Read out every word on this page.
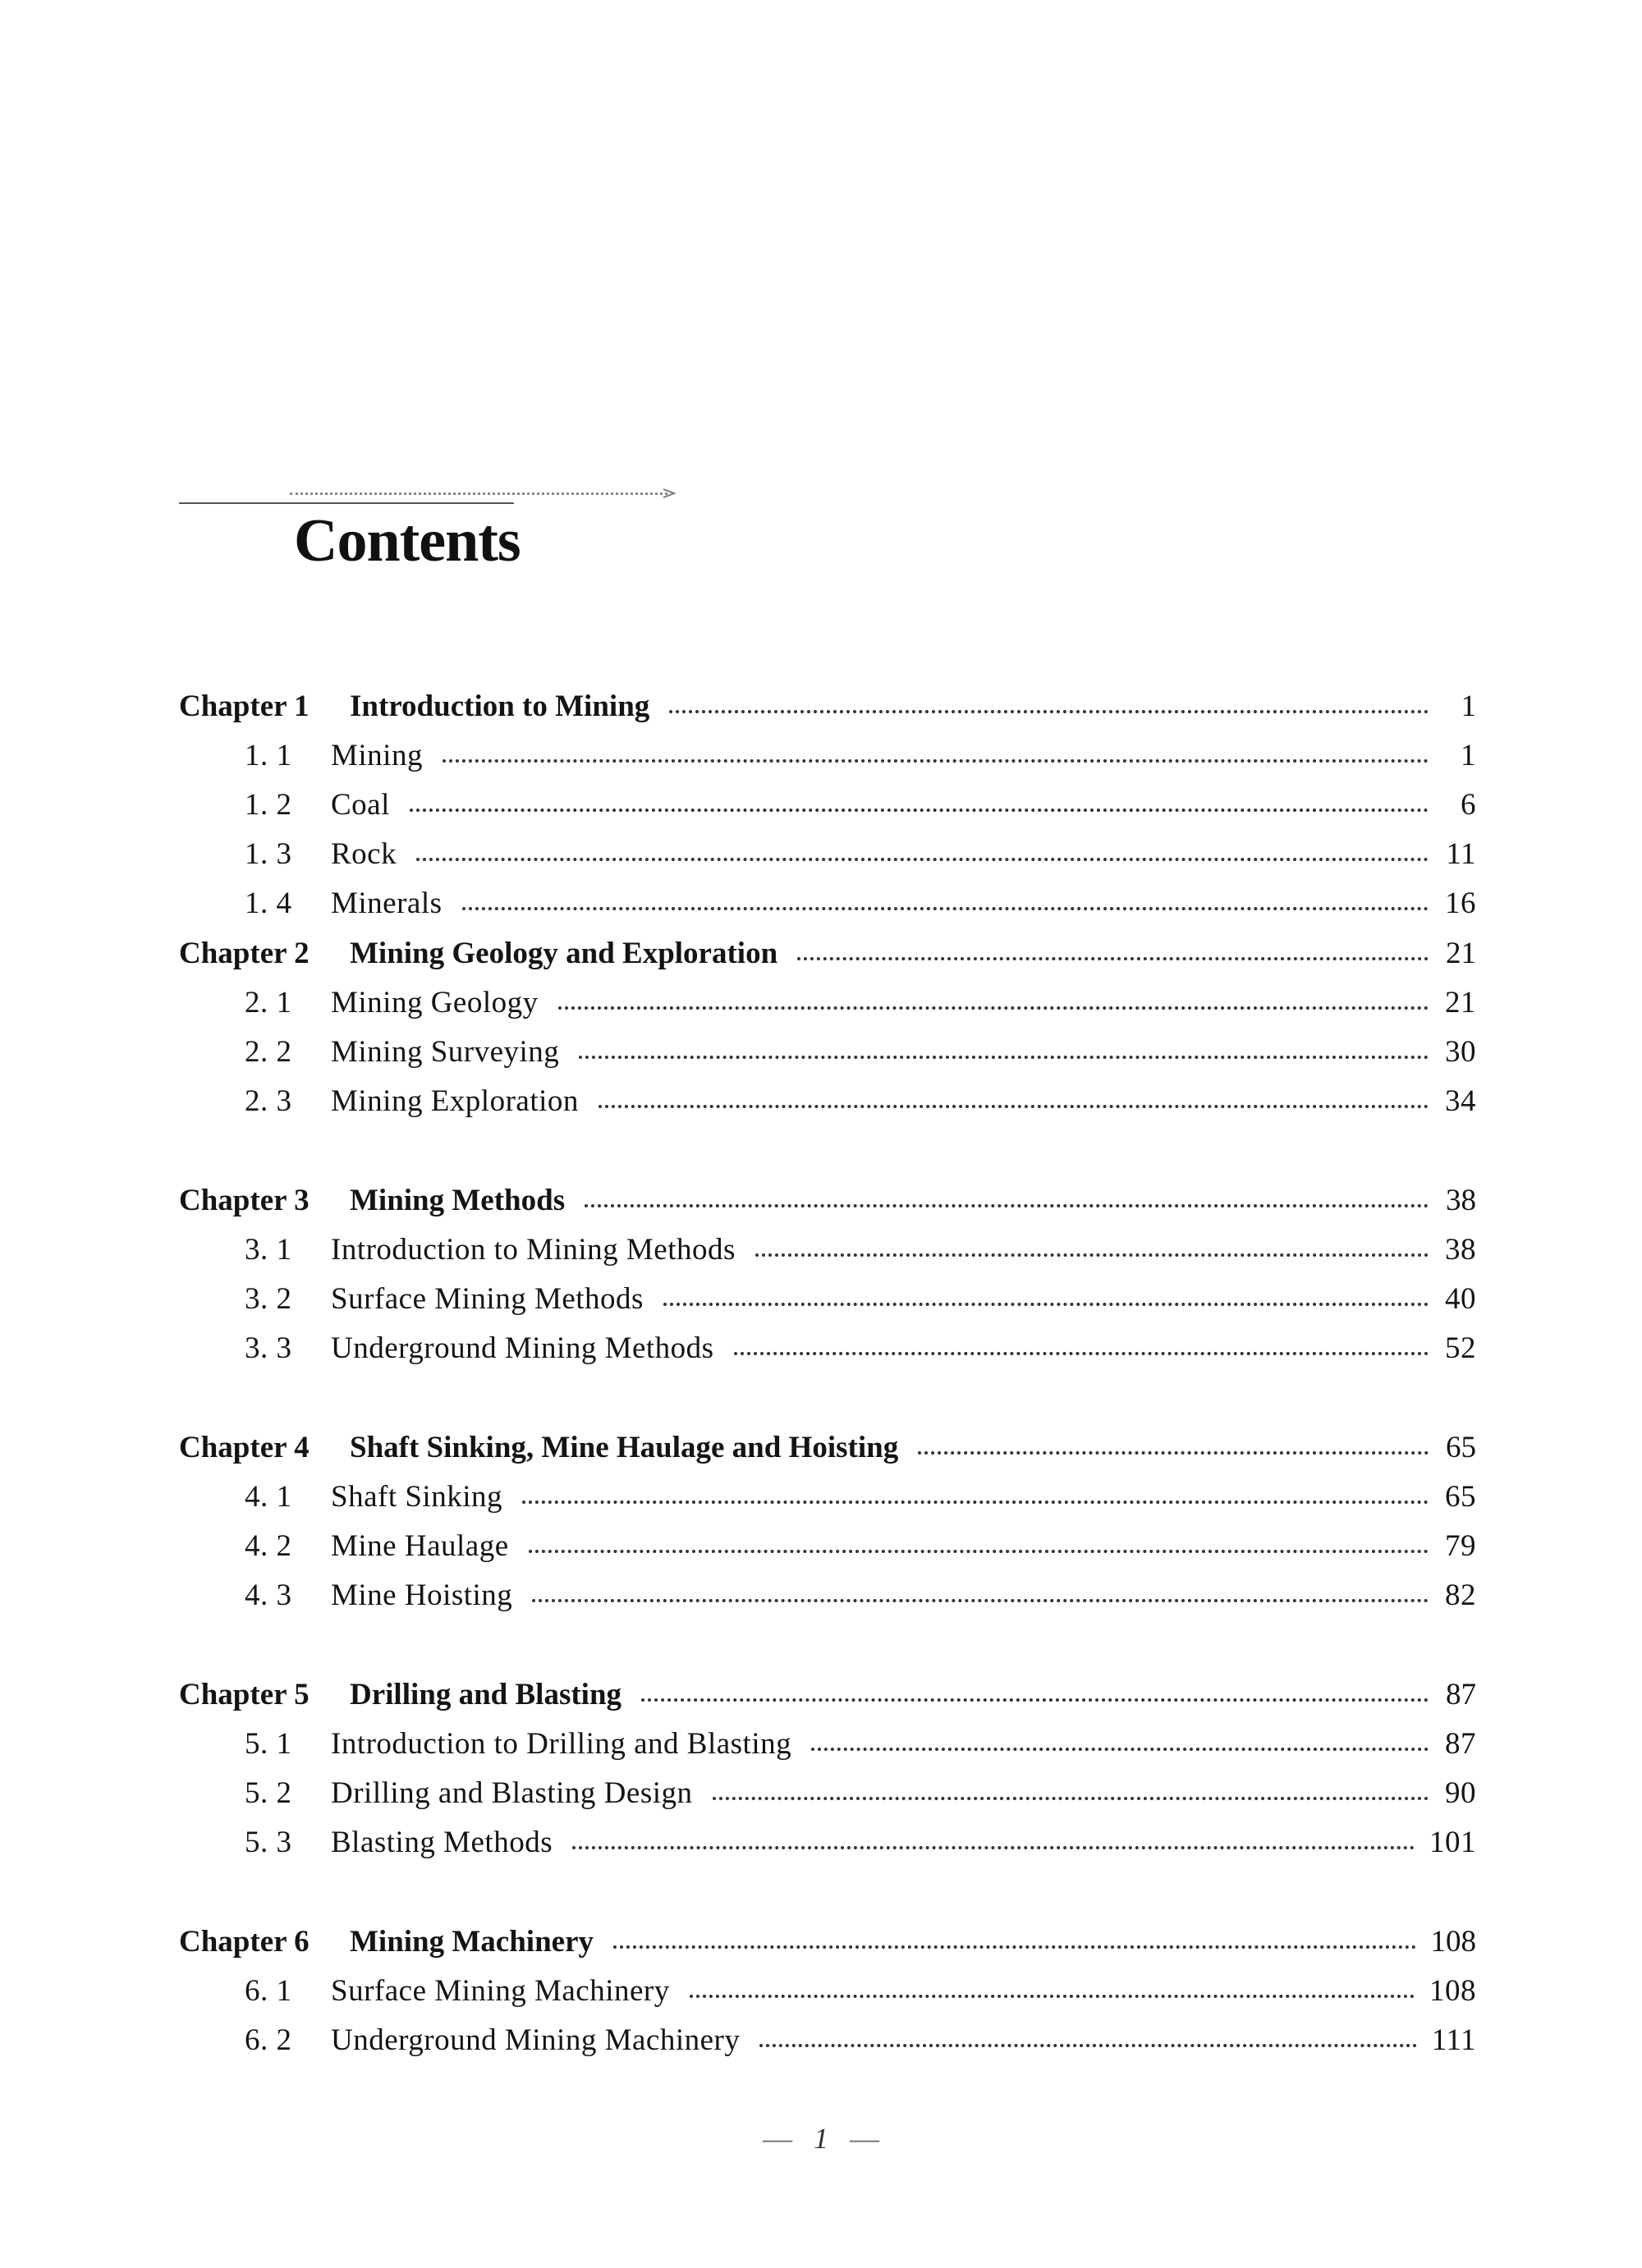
Contents
Chapter 1	Introduction to Mining	1
1. 1	Mining	1
1. 2	Coal	6
1. 3	Rock	11
1. 4	Minerals	16
Chapter 2	Mining Geology and Exploration	21
2. 1	Mining Geology	21
2. 2	Mining Surveying	30
2. 3	Mining Exploration	34
Chapter 3	Mining Methods	38
3. 1	Introduction to Mining Methods	38
3. 2	Surface Mining Methods	40
3. 3	Underground Mining Methods	52
Chapter 4	Shaft Sinking, Mine Haulage and Hoisting	65
4. 1	Shaft Sinking	65
4. 2	Mine Haulage	79
4. 3	Mine Hoisting	82
Chapter 5	Drilling and Blasting	87
5. 1	Introduction to Drilling and Blasting	87
5. 2	Drilling and Blasting Design	90
5. 3	Blasting Methods	101
Chapter 6	Mining Machinery	108
6. 1	Surface Mining Machinery	108
6. 2	Underground Mining Machinery	111
— 1 —
